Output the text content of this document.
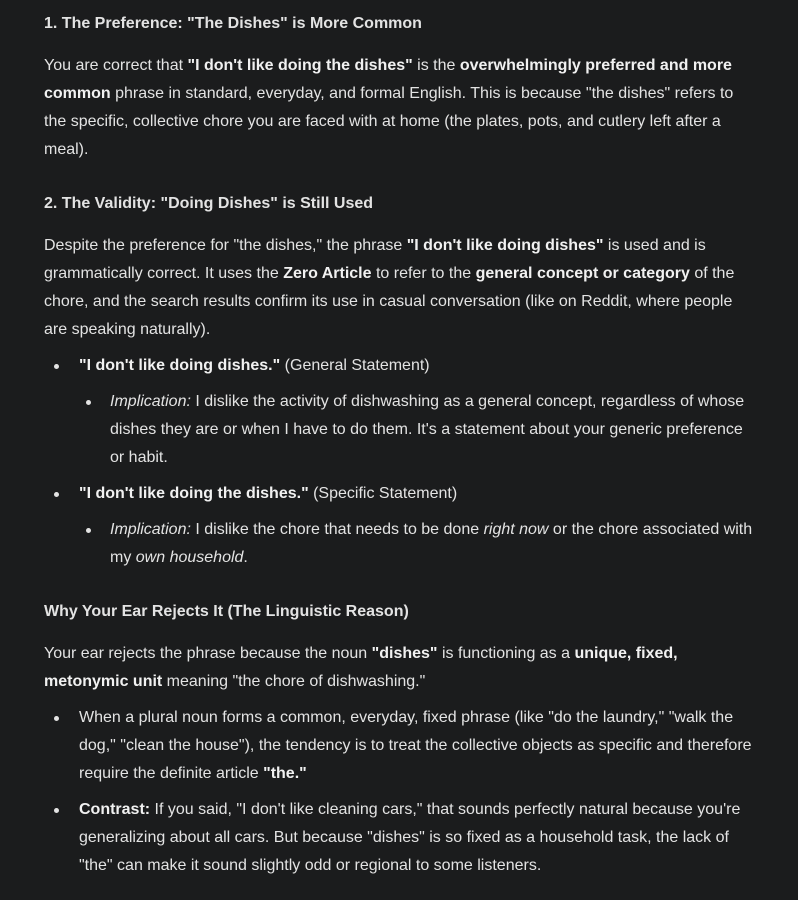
1. The Preference: "The Dishes" is More Common

You are correct that "I don't like doing the dishes" is the overwhelmingly preferred and more common phrase in standard, everyday, and formal English. This is because "the dishes" refers to the specific, collective chore you are faced with at home (the plates, pots, and cutlery left after a meal).

2. The Validity: "Doing Dishes" is Still Used

Despite the preference for "the dishes," the phrase "I don't like doing dishes" is used and is grammatically correct. It uses the Zero Article to refer to the general concept or category of the chore, and the search results confirm its use in casual conversation (like on Reddit, where people are speaking naturally).

"I don't like doing dishes." (General Statement)
Implication: I dislike the activity of dishwashing as a general concept, regardless of whose dishes they are or when I have to do them. It's a statement about your generic preference or habit.
"I don't like doing the dishes." (Specific Statement)
Implication: I dislike the chore that needs to be done right now or the chore associated with my own household.
Why Your Ear Rejects It (The Linguistic Reason)

Your ear rejects the phrase because the noun "dishes" is functioning as a unique, fixed, metonymic unit meaning "the chore of dishwashing."

When a plural noun forms a common, everyday, fixed phrase (like "do the laundry," "walk the dog," "clean the house"), the tendency is to treat the collective objects as specific and therefore require the definite article "the."
Contrast: If you said, "I don't like cleaning cars," that sounds perfectly natural because you're generalizing about all cars. But because "dishes" is so fixed as a household task, the lack of "the" can make it sound slightly odd or regional to some listeners.
